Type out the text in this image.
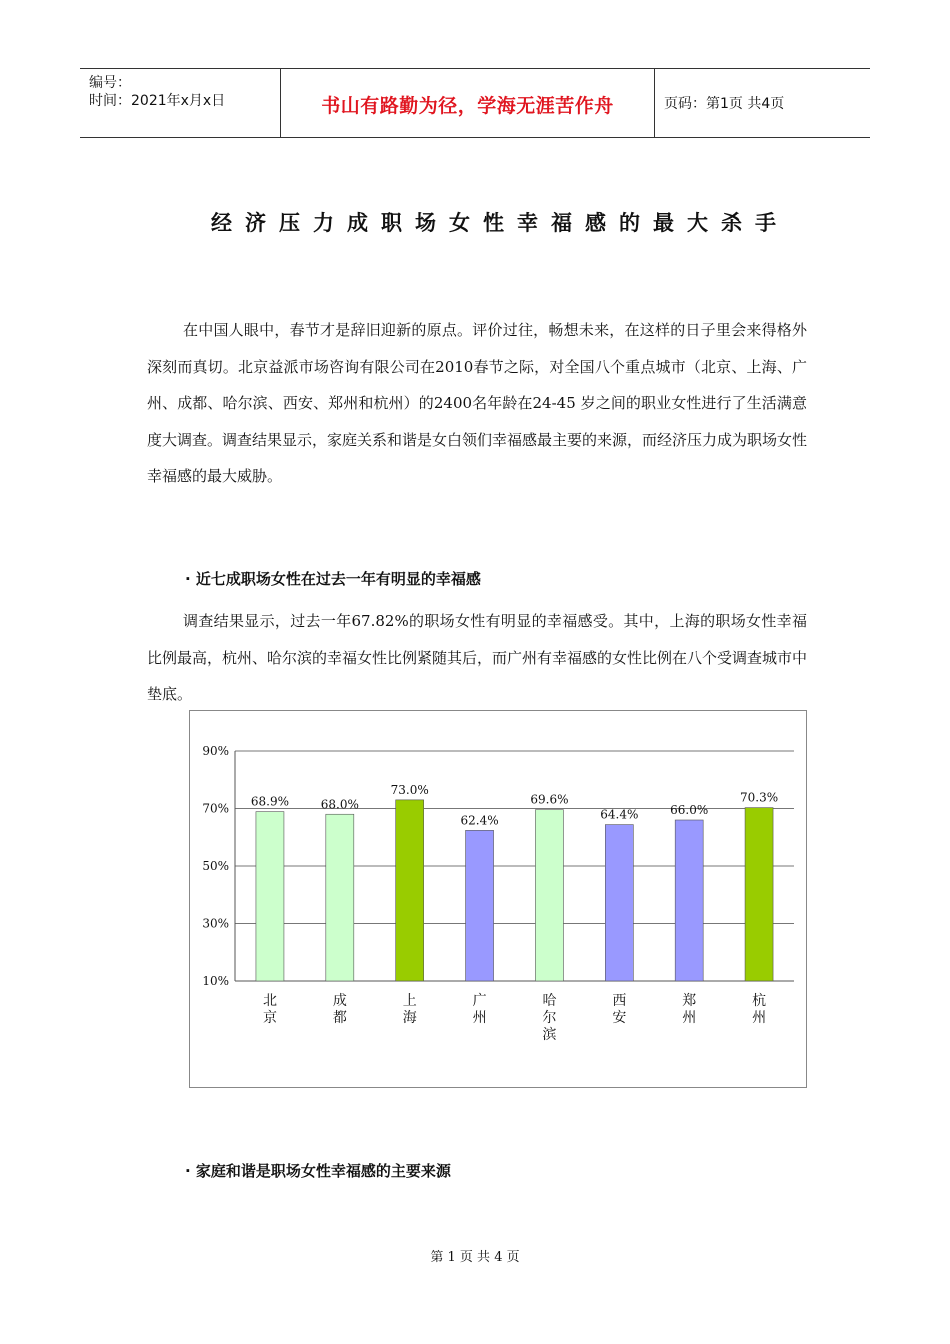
编号：
时间：2021年x月x日	书山有路勤为径，学海无涯苦作舟	页码：第1页 共4页
经济压力成职场女性幸福感的最大杀手
在中国人眼中，春节才是辞旧迎新的原点。评价过往，畅想未来，在这样的日子里会来得格外深刻而真切。北京益派市场咨询有限公司在2010春节之际，对全国八个重点城市（北京、上海、广州、成都、哈尔滨、西安、郑州和杭州）的2400名年龄在24-45 岁之间的职业女性进行了生活满意度大调查。调查结果显示，家庭关系和谐是女白领们幸福感最主要的来源，而经济压力成为职场女性幸福感的最大威胁。
· 近七成职场女性在过去一年有明显的幸福感
调查结果显示，过去一年67.82%的职场女性有明显的幸福感受。其中，上海的职场女性幸福比例最高，杭州、哈尔滨的幸福女性比例紧随其后，而广州有幸福感的女性比例在八个受调查城市中垫底。
90%
70%
50%
30%
10%
68.9%
北
京
68.0%
成
都
73.0%
上
海
62.4%
广
州
69.6%
哈
尔
滨
64.4%
西
安
66.0%
郑
州
70.3%
杭
州
· 家庭和谐是职场女性幸福感的主要来源
第 1 页 共 4 页
